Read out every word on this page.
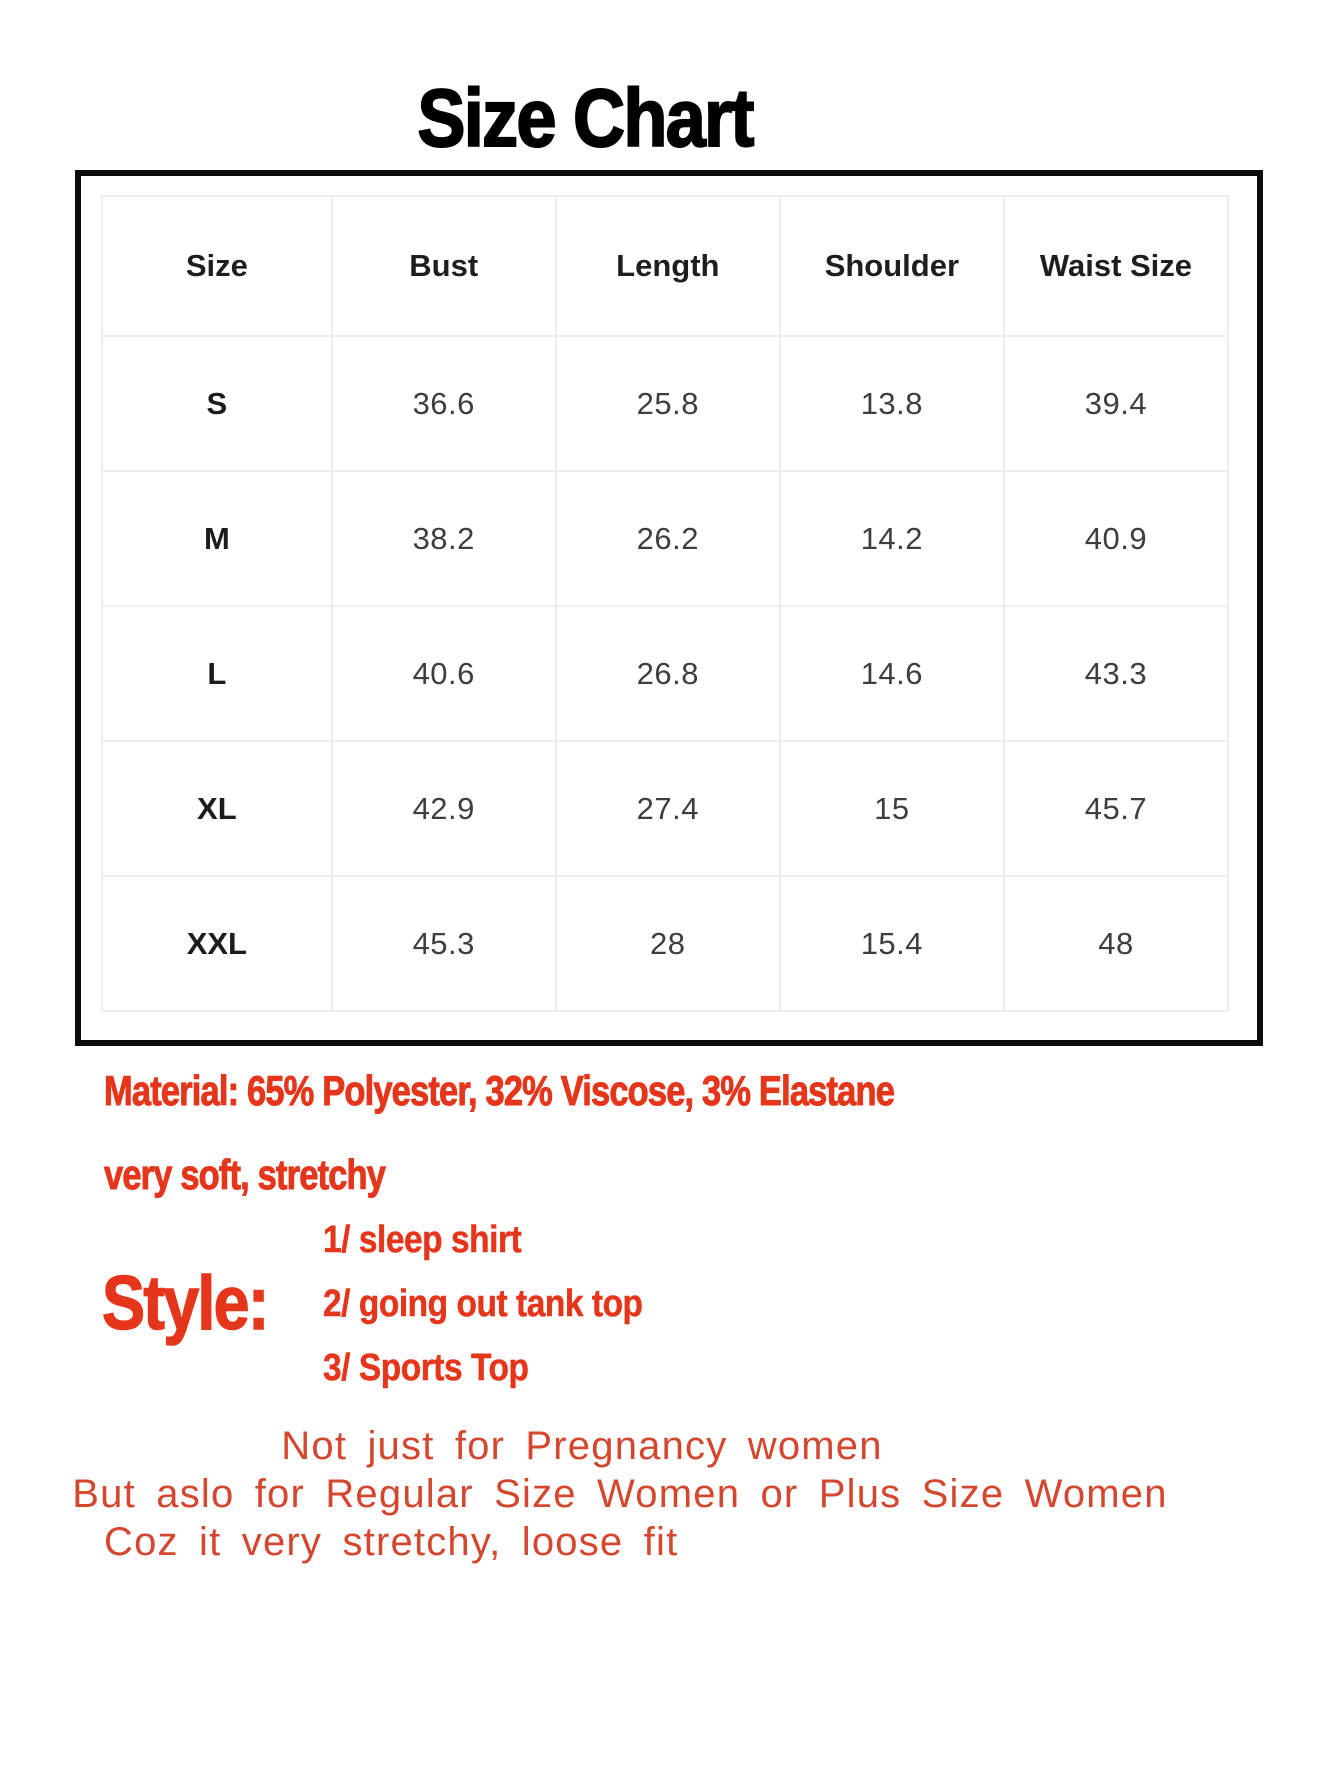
Size Chart
Size	Bust	Length	Shoulder	Waist Size
S	36.6	25.8	13.8	39.4
M	38.2	26.2	14.2	40.9
L	40.6	26.8	14.6	43.3
XL	42.9	27.4	15	45.7
XXL	45.3	28	15.4	48

Material: 65% Polyester, 32% Viscose, 3% Elastane

very soft, stretchy

Style:
1/ sleep shirt
2/ going out tank top
3/ Sports Top

Not just for Pregnancy women

But aslo for Regular Size Women or Plus Size Women

Coz it very stretchy, loose fit
